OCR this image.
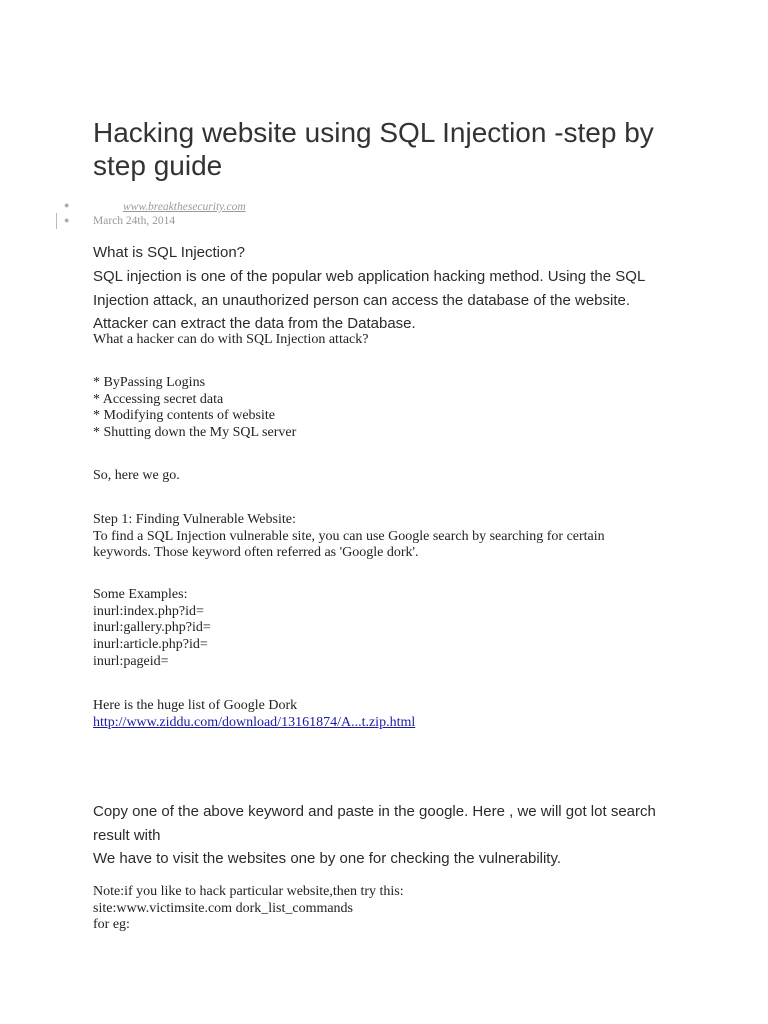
Hacking website using SQL Injection -step by step guide
●
●
www.breakthesecurity.com
March 24th, 2014
What is SQL Injection?
SQL injection is one of the popular web application hacking method. Using the SQL
Injection attack, an unauthorized person can access the database of the website.
Attacker can extract the data from the Database.
What a hacker can do with SQL Injection attack?
* ByPassing Logins
* Accessing secret data
* Modifying contents of website
* Shutting down the My SQL server
So, here we go.
Step 1: Finding Vulnerable Website:
To find a SQL Injection vulnerable site, you can use Google search by searching for certain
keywords. Those keyword often referred as 'Google dork'.
Some Examples:
inurl:index.php?id=
inurl:gallery.php?id=
inurl:article.php?id=
inurl:pageid=
Here is the huge list of Google Dork
http://www.ziddu.com/download/13161874/A...t.zip.html
Copy one of the above keyword and paste in the google. Here , we will got lot search
result with
We have to visit the websites one by one for checking the vulnerability.
Note:if you like to hack particular website,then try this:
site:www.victimsite.com dork_list_commands
for eg:
